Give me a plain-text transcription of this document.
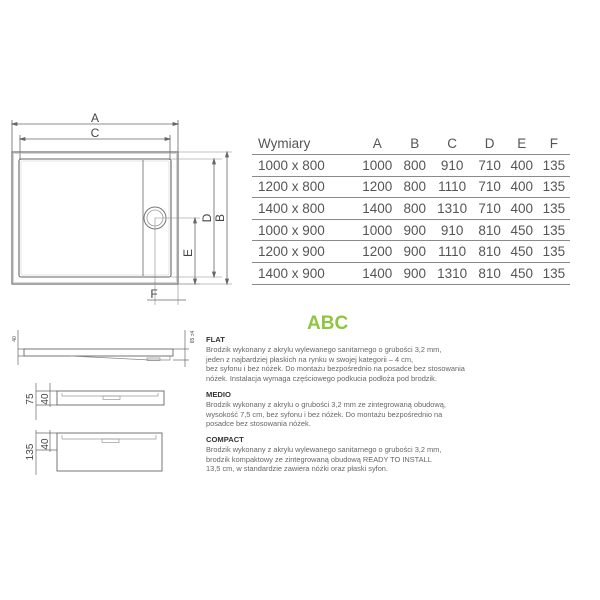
A
C
D B
E
F
Wymiary	A	B	C	D	E	F
1000 x 800	1000	800	910	710	400	135
1200 x 800	1200	800	1110	710	400	135
1400 x 800	1400	800	1310	710	400	135
1000 x 900	1000	900	910	810	450	135
1200 x 900	1200	900	1110	810	450	135
1400 x 900	1400	900	1310	810	450	135
ABC
40	65 ±4
75 40
135 40
FLAT
Brodzik wykonany z akrylu wylewanego sanitarnego o grubości 3,2 mm,
jeden z najbardziej płaskich na rynku w swojej kategorii – 4 cm,
bez syfonu i bez nóżek. Do montażu bezpośrednio na posadce bez stosowania
nóżek. Instalacja wymaga częściowego podkucia podłoża pod brodzik.
MEDIO
Brodzik wykonany z akrylu o grubości 3,2 mm ze zintegrowaną obudową,
wysokość 7,5 cm, bez syfonu i bez nóżek. Do montażu bezpośrednio na
posadce bez stosowania nóżek.
COMPACT
Brodzik wykonany z akrylu wylewanego sanitarnego o grubości 3,2 mm,
brodzik kompaktowy ze zintegrowaną obudową READY TO INSTALL
13,5 cm, w standardzie zawiera nóżki oraz płaski syfon.
